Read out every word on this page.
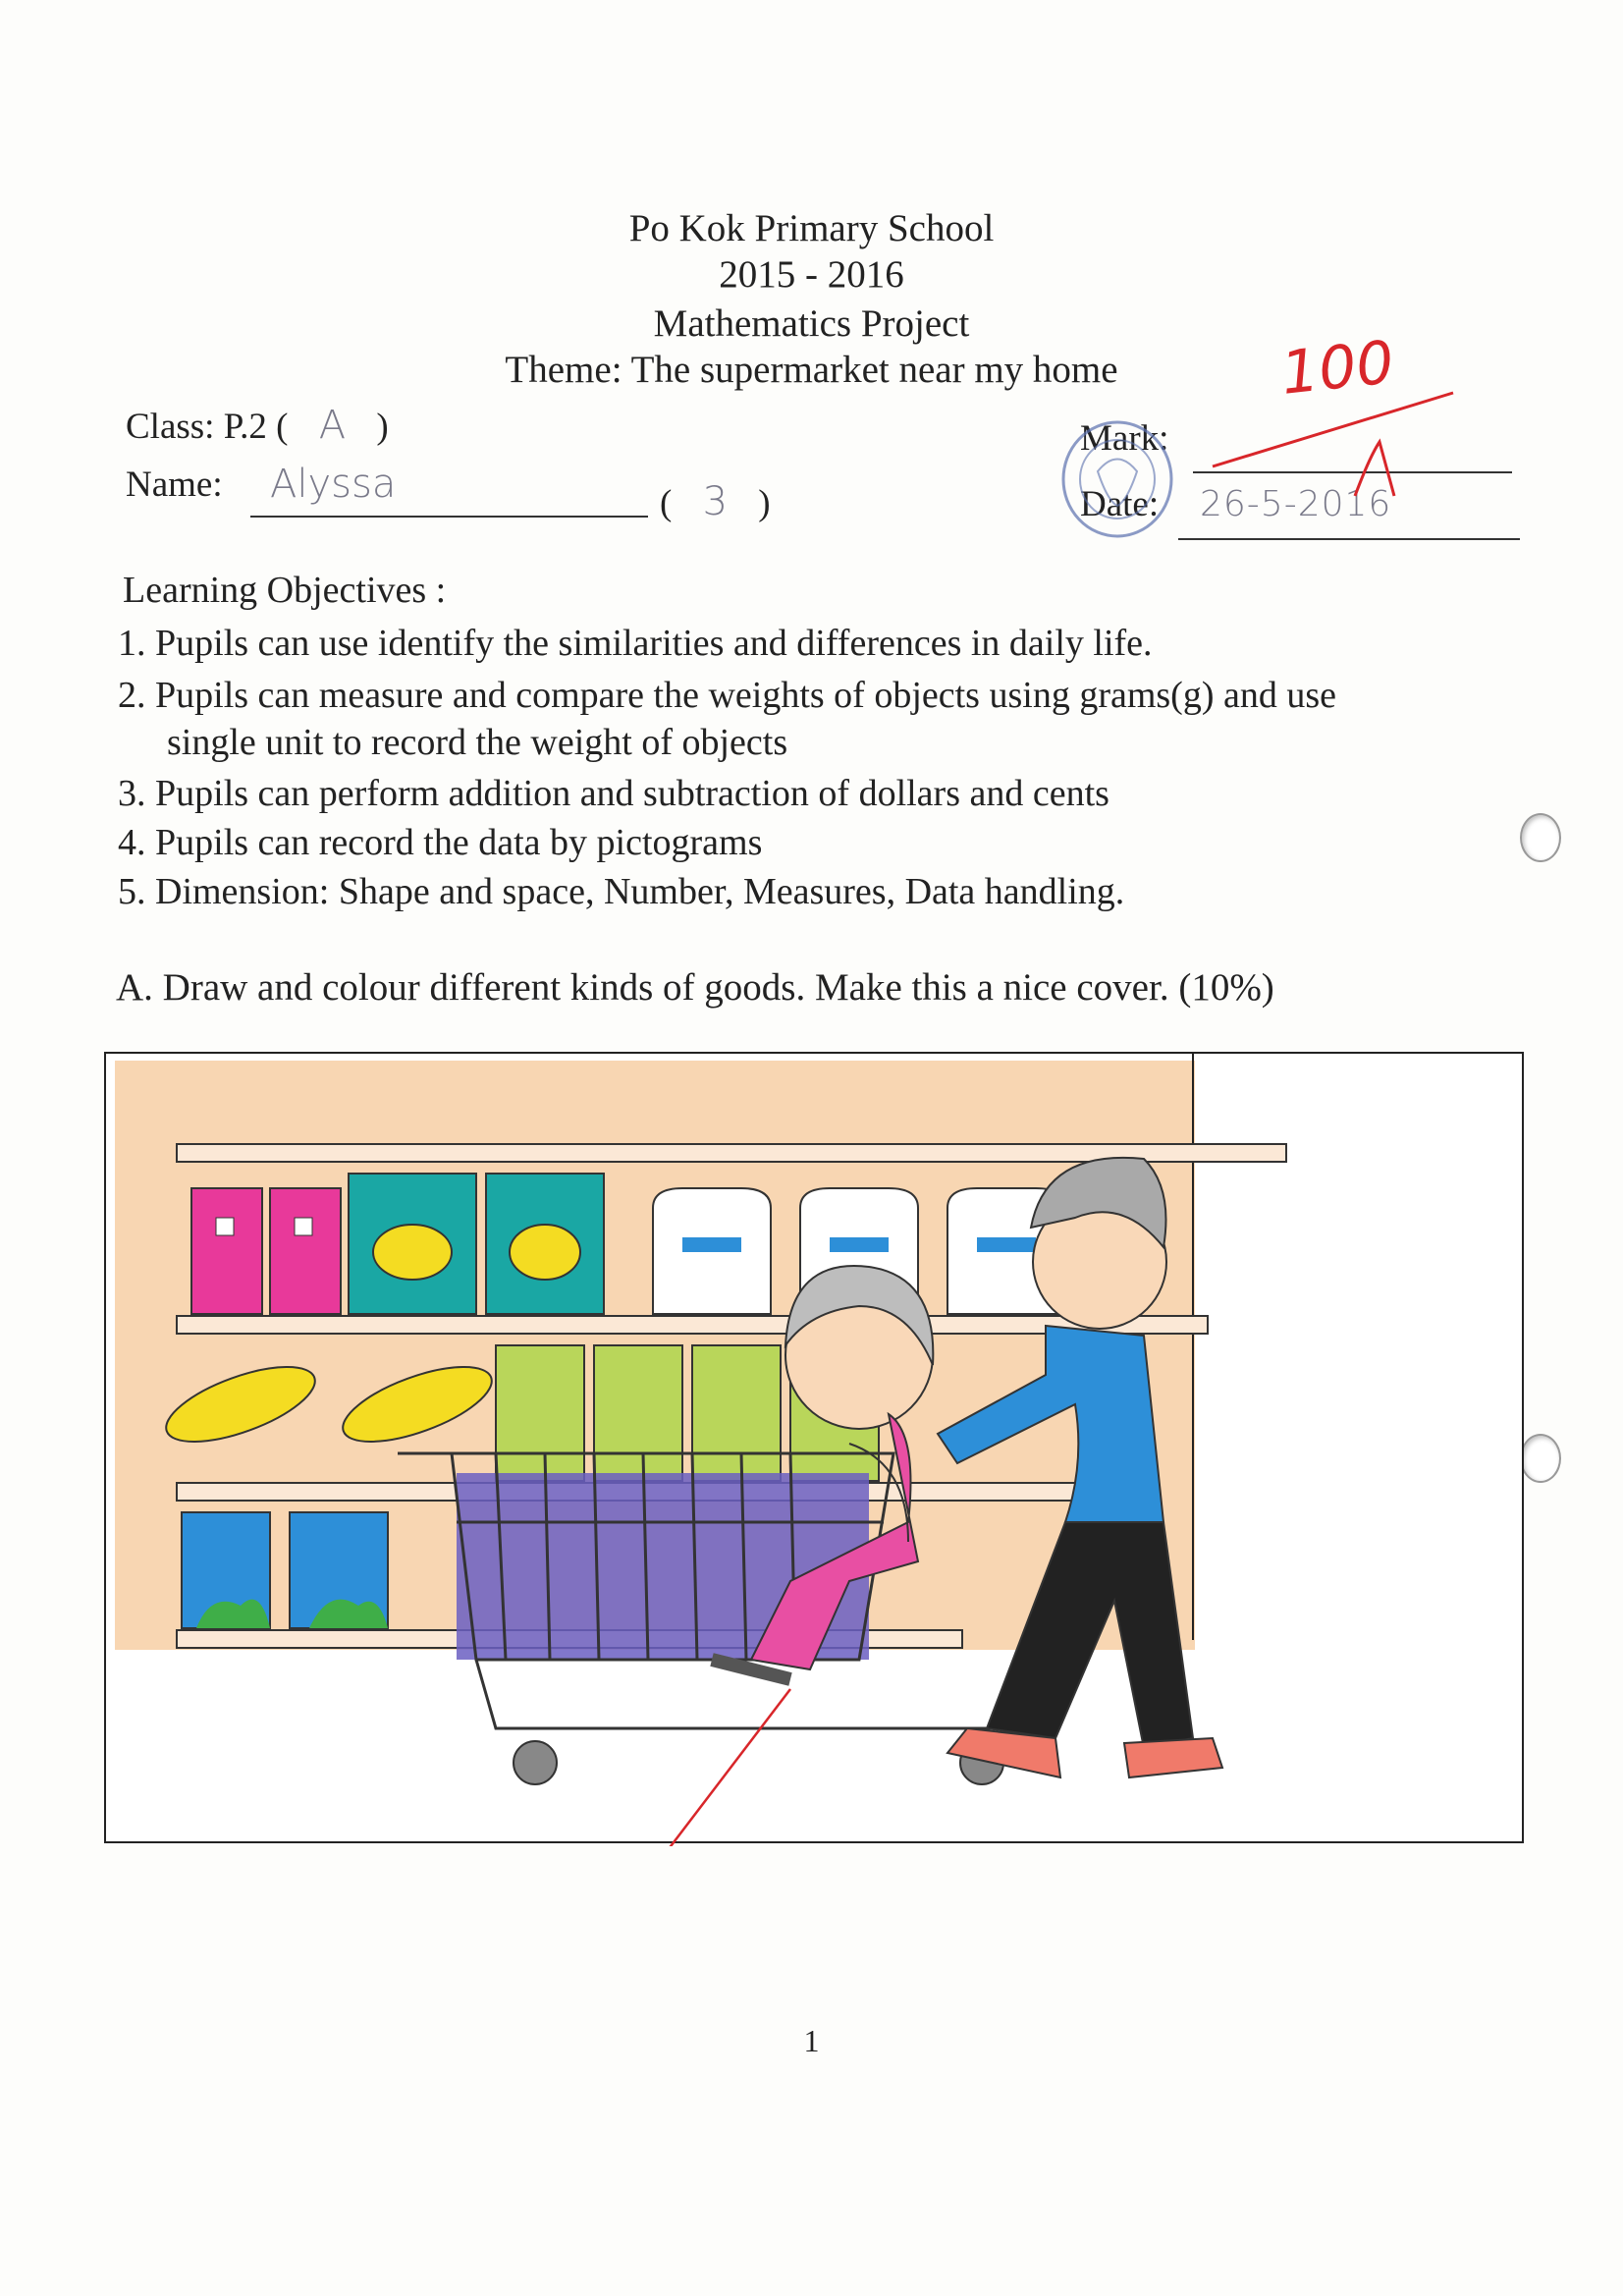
Po Kok Primary School
2015 - 2016
Mathematics Project
Theme: The supermarket near my home
Class: P.2 ( A )
Name: Alyssa	( 3 )
Mark:
Date: 26-5-2016
100
Learning Objectives :
1. Pupils can use identify the similarities and differences in daily life.
2. Pupils can measure and compare the weights of objects using grams(g) and use
single unit to record the weight of objects
3. Pupils can perform addition and subtraction of dollars and cents
4. Pupils can record the data by pictograms
5. Dimension: Shape and space, Number, Measures, Data handling.
A. Draw and colour different kinds of goods. Make this a nice cover. (10%)
1
